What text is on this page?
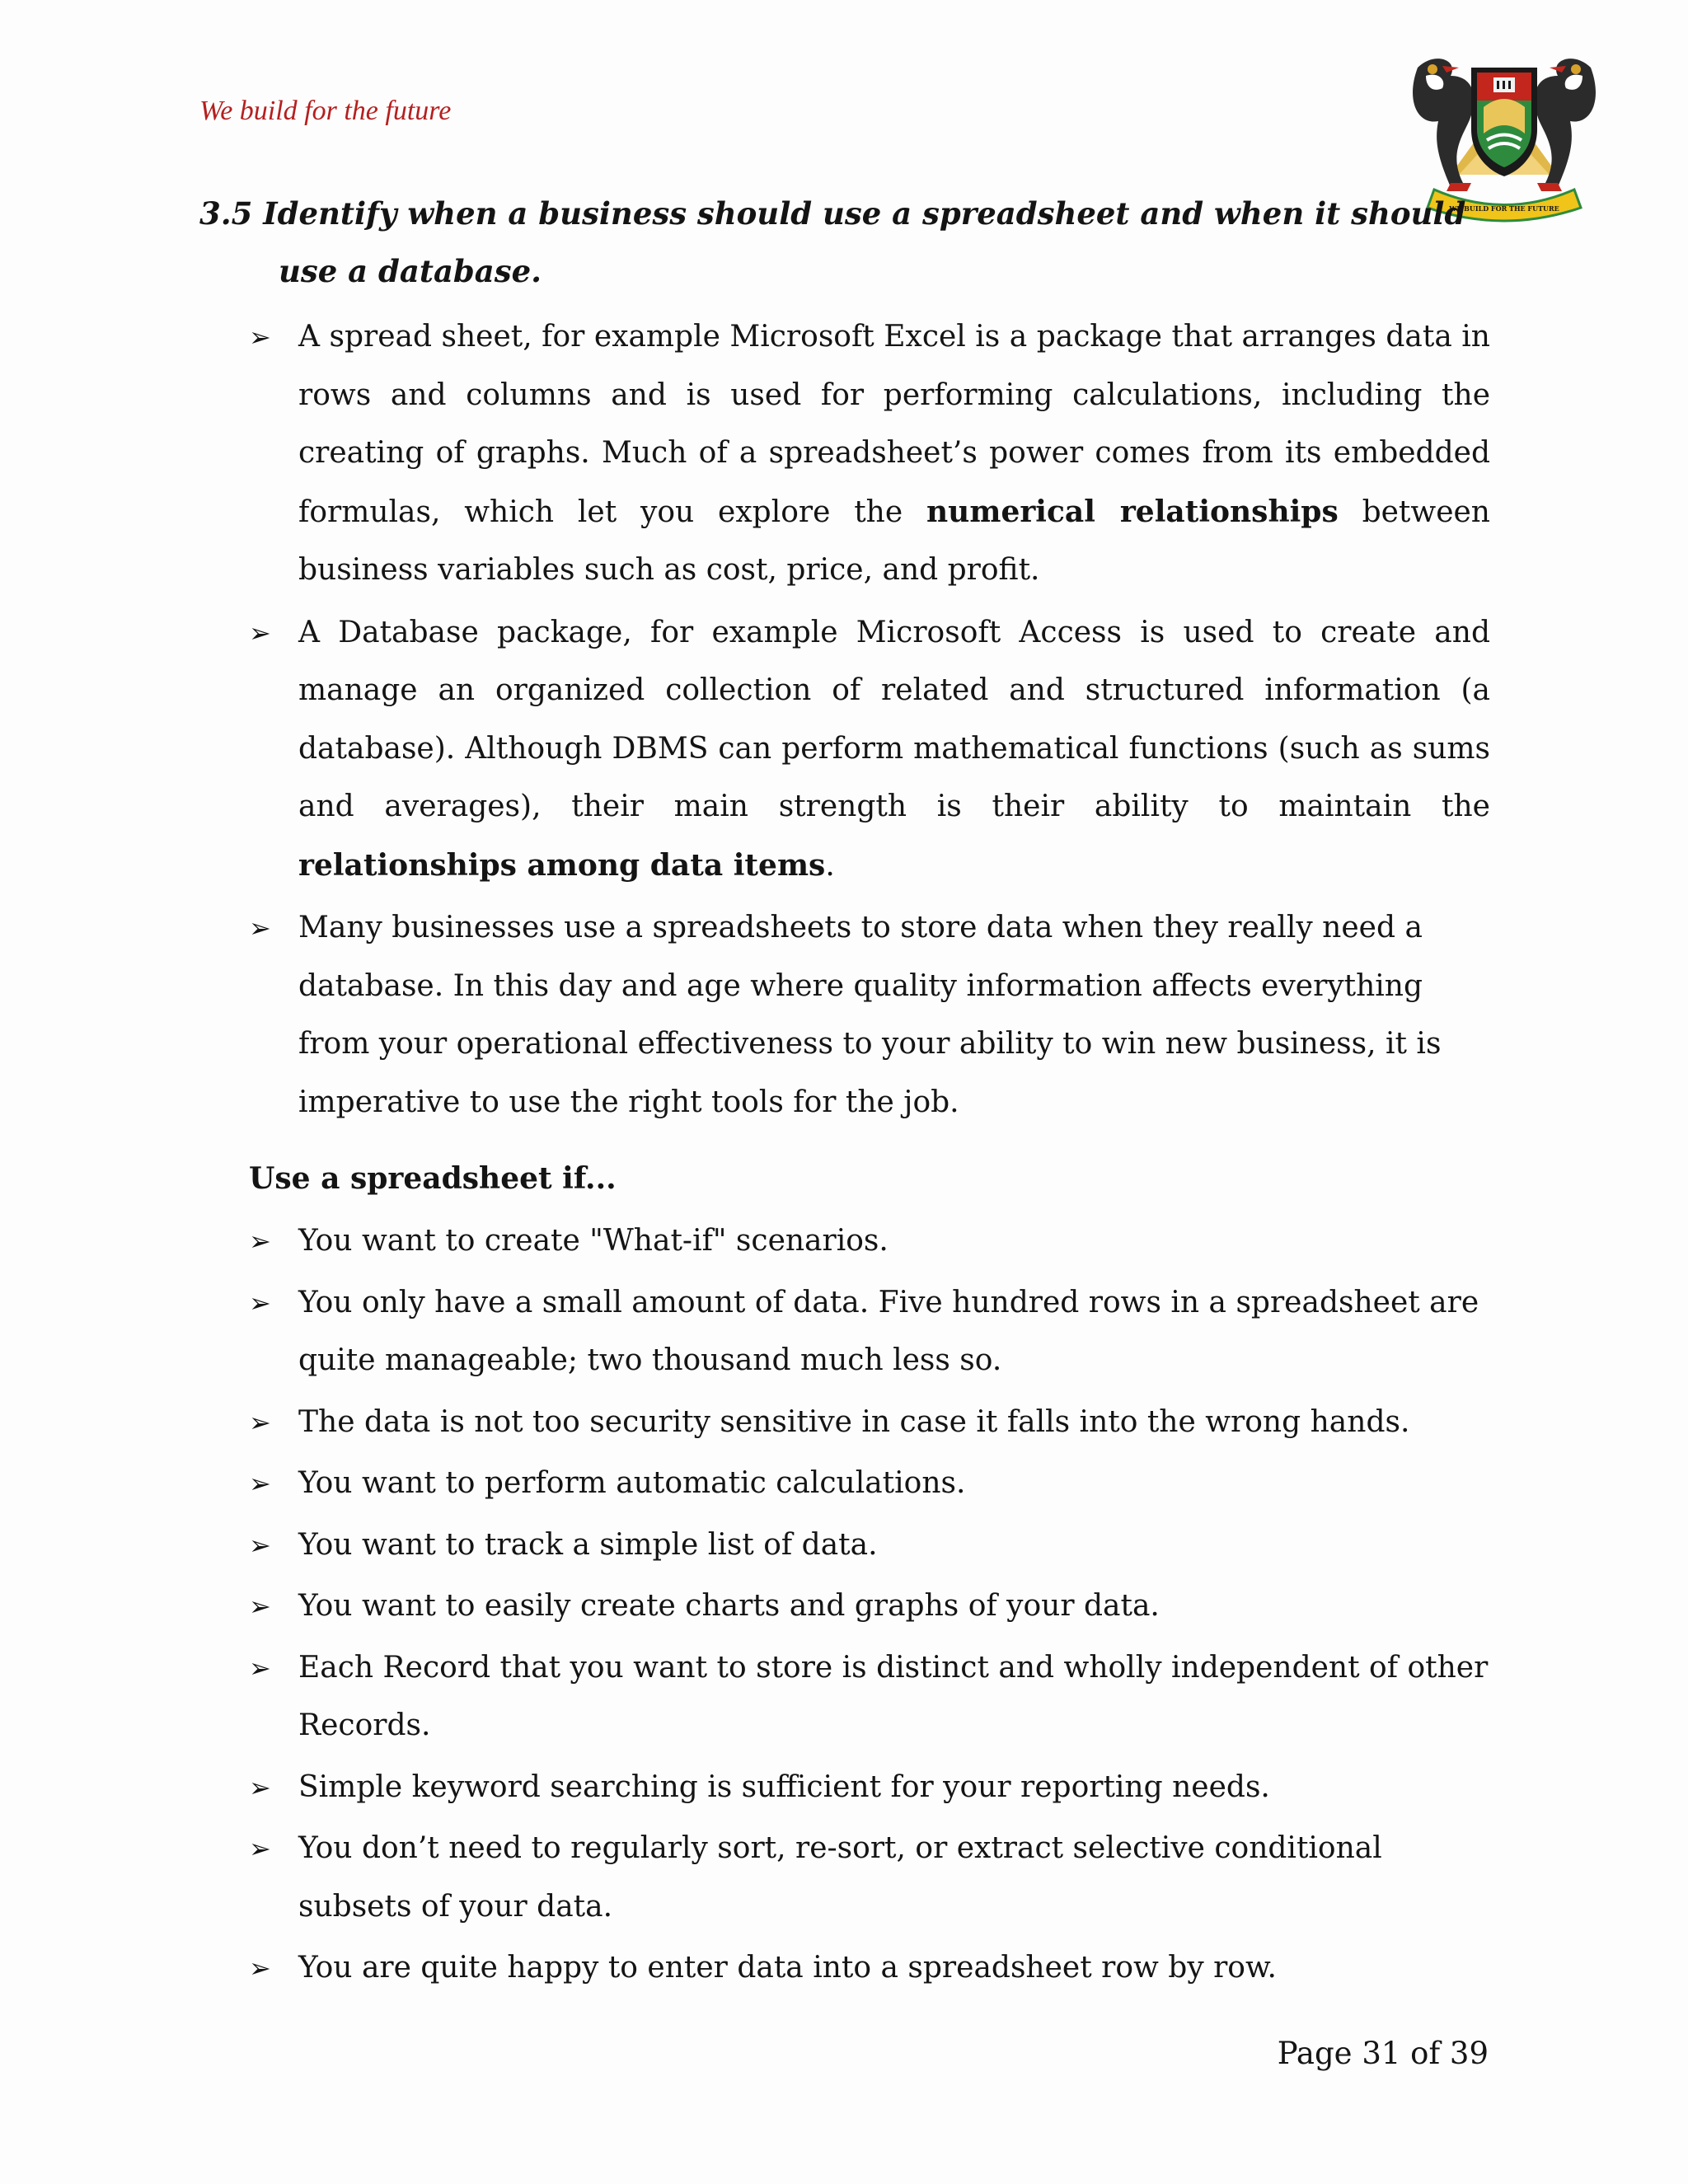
We build for the future
WE BUILD FOR THE FUTURE
3.5 Identify when a business should use a spreadsheet and when it should use a database.
➢ A spread sheet, for example Microsoft Excel is a package that arranges data in rows and columns and is used for performing calculations, including the creating of graphs. Much of a spreadsheet’s power comes from its embedded formulas, which let you explore the numerical relationships between business variables such as cost, price, and profit.
➢ A Database package, for example Microsoft Access is used to create and manage an organized collection of related and structured information (a database). Although DBMS can perform mathematical functions (such as sums and averages), their main strength is their ability to maintain the relationships among data items.
➢ Many businesses use a spreadsheets to store data when they really need a database. In this day and age where quality information affects everything from your operational effectiveness to your ability to win new business, it is imperative to use the right tools for the job.
Use a spreadsheet if...
➢ You want to create "What-if" scenarios.
➢ You only have a small amount of data. Five hundred rows in a spreadsheet are quite manageable; two thousand much less so.
➢ The data is not too security sensitive in case it falls into the wrong hands.
➢ You want to perform automatic calculations.
➢ You want to track a simple list of data.
➢ You want to easily create charts and graphs of your data.
➢ Each Record that you want to store is distinct and wholly independent of other Records.
➢ Simple keyword searching is sufficient for your reporting needs.
➢ You don’t need to regularly sort, re-sort, or extract selective conditional subsets of your data.
➢ You are quite happy to enter data into a spreadsheet row by row.
Page 31 of 39
